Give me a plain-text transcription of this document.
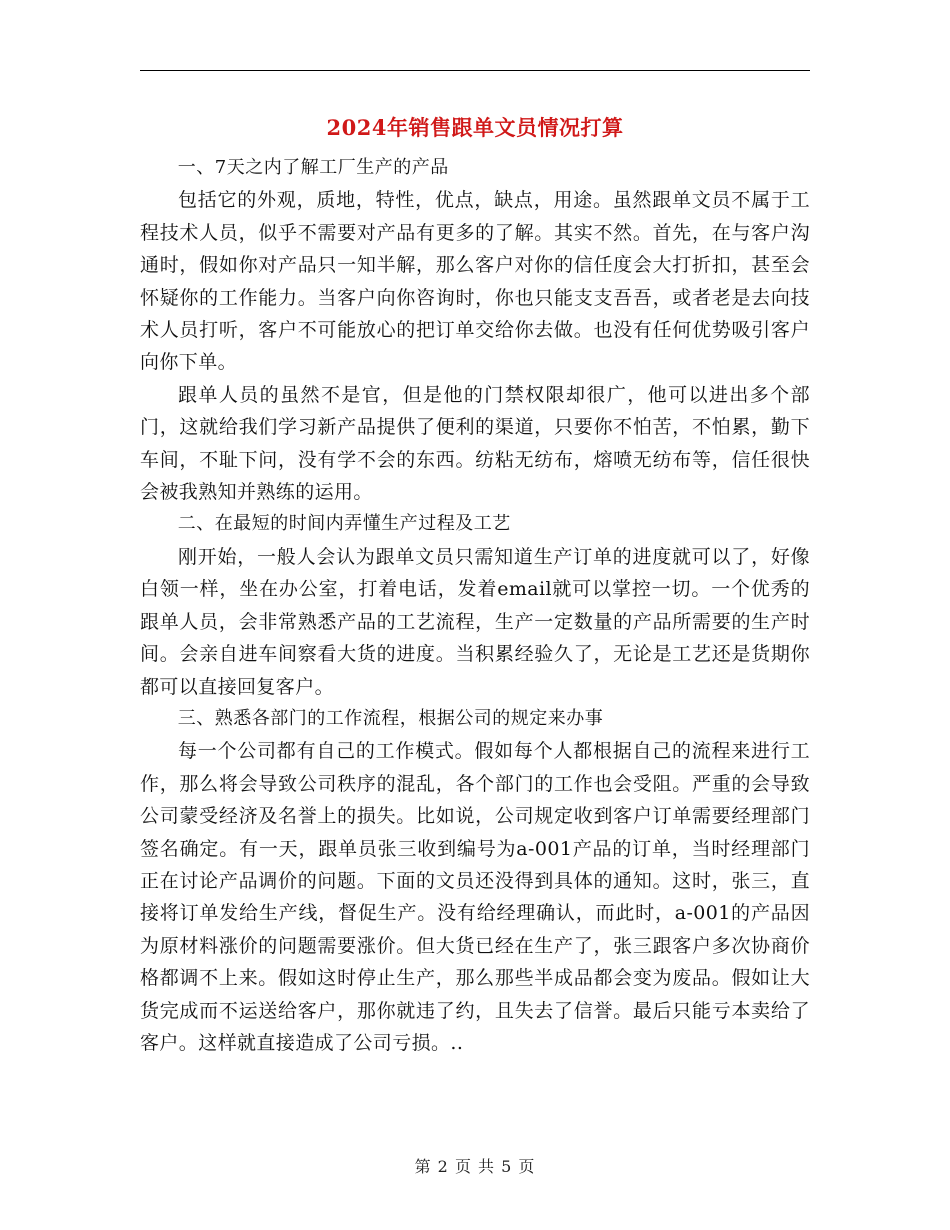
2024年销售跟单文员情况打算

一、7天之内了解工厂生产的产品

包括它的外观，质地，特性，优点，缺点，用途。虽然跟单文员不属于工程技术人员，似乎不需要对产品有更多的了解。其实不然。首先，在与客户沟通时，假如你对产品只一知半解，那么客户对你的信任度会大打折扣，甚至会怀疑你的工作能力。当客户向你咨询时，你也只能支支吾吾，或者老是去向技术人员打听，客户不可能放心的把订单交给你去做。也没有任何优势吸引客户向你下单。

跟单人员的虽然不是官，但是他的门禁权限却很广，他可以进出多个部门，这就给我们学习新产品提供了便利的渠道，只要你不怕苦，不怕累，勤下车间，不耻下问，没有学不会的东西。纺粘无纺布，熔喷无纺布等，信任很快会被我熟知并熟练的运用。

二、在最短的时间内弄懂生产过程及工艺

刚开始，一般人会认为跟单文员只需知道生产订单的进度就可以了，好像白领一样，坐在办公室，打着电话，发着email就可以掌控一切。一个优秀的跟单人员，会非常熟悉产品的工艺流程，生产一定数量的产品所需要的生产时间。会亲自进车间察看大货的进度。当积累经验久了，无论是工艺还是货期你都可以直接回复客户。

三、熟悉各部门的工作流程，根据公司的规定来办事

每一个公司都有自己的工作模式。假如每个人都根据自己的流程来进行工作，那么将会导致公司秩序的混乱，各个部门的工作也会受阻。严重的会导致公司蒙受经济及名誉上的损失。比如说，公司规定收到客户订单需要经理部门签名确定。有一天，跟单员张三收到编号为a-001产品的订单，当时经理部门正在讨论产品调价的问题。下面的文员还没得到具体的通知。这时，张三，直接将订单发给生产线，督促生产。没有给经理确认，而此时，a-001的产品因为原材料涨价的问题需要涨价。但大货已经在生产了，张三跟客户多次协商价格都调不上来。假如这时停止生产，那么那些半成品都会变为废品。假如让大货完成而不运送给客户，那你就违了约，且失去了信誉。最后只能亏本卖给了客户。这样就直接造成了公司亏损。..

第 2 页 共 5 页
